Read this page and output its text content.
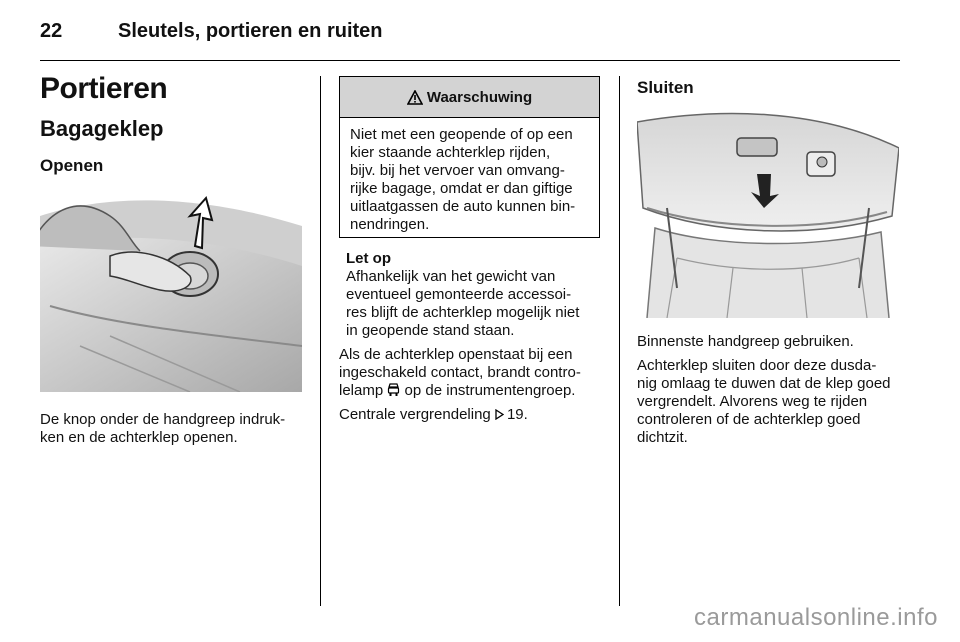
22	Sleutels, portieren en ruiten
Portieren
Bagageklep
Openen
De knop onder de handgreep indruk-
ken en de achterklep openen.
Waarschuwing
Niet met een geopende of op een
kier staande achterklep rijden,
bijv. bij het vervoer van omvang-
rijke bagage, omdat er dan giftige
uitlaatgassen de auto kunnen bin-
nendringen.
Let op
Afhankelijk van het gewicht van
eventueel gemonteerde accessoi-
res blijft de achterklep mogelijk niet
in geopende stand staan.
Als de achterklep openstaat bij een
ingeschakeld contact, brandt contro-
lelamp  op de instrumentengroep.
Centrale vergrendeling 19.
Sluiten
Binnenste handgreep gebruiken.
Achterklep sluiten door deze dusda-
nig omlaag te duwen dat de klep goed
vergrendelt. Alvorens weg te rijden
controleren of de achterklep goed
dichtzit.
carmanualsonline.info
